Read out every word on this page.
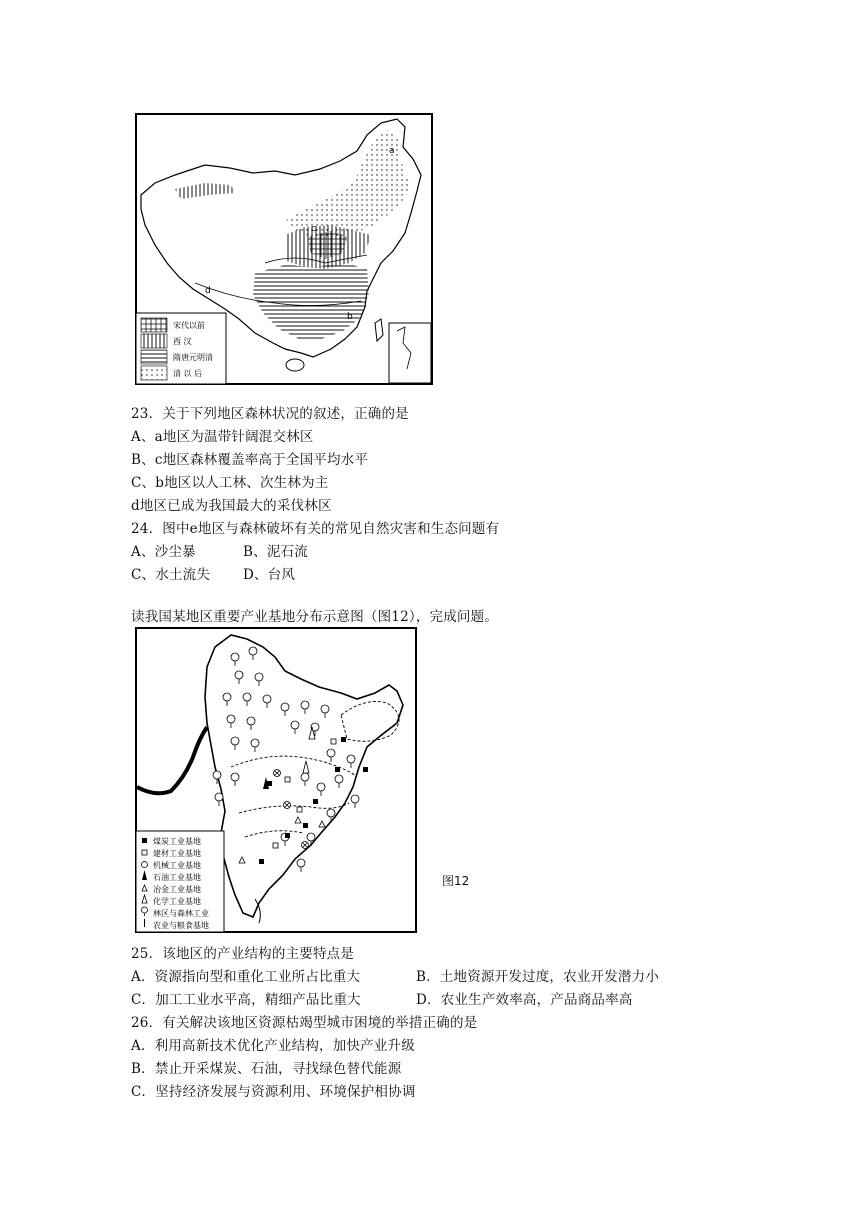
a
c
d
b
宋代以前
西 汉
隋唐元明清
清 以 后
23．关于下列地区森林状况的叙述，正确的是
A、a地区为温带针阔混交林区
B、c地区森林覆盖率高于全国平均水平
C、b地区以人工林、次生林为主
d地区已成为我国最大的采伐林区
24．图中e地区与森林破坏有关的常见自然灾害和生态问题有
A、沙尘暴	B、泥石流
C、水土流失 D、台风
读我国某地区重要产业基地分布示意图（图12），完成问题。
煤炭工业基地
建材工业基地
机械工业基地
石油工业基地
冶金工业基地
化学工业基地
林区与森林工业
农业与粮食基地
图12
25．该地区的产业结构的主要特点是
A．资源指向型和重化工业所占比重大	B．土地资源开发过度，农业开发潜力小
C．加工工业水平高，精细产品比重大	D．农业生产效率高，产品商品率高
26．有关解决该地区资源枯竭型城市困境的举措正确的是
A．利用高新技术优化产业结构，加快产业升级
B．禁止开采煤炭、石油，寻找绿色替代能源
C．坚持经济发展与资源利用、环境保护相协调
